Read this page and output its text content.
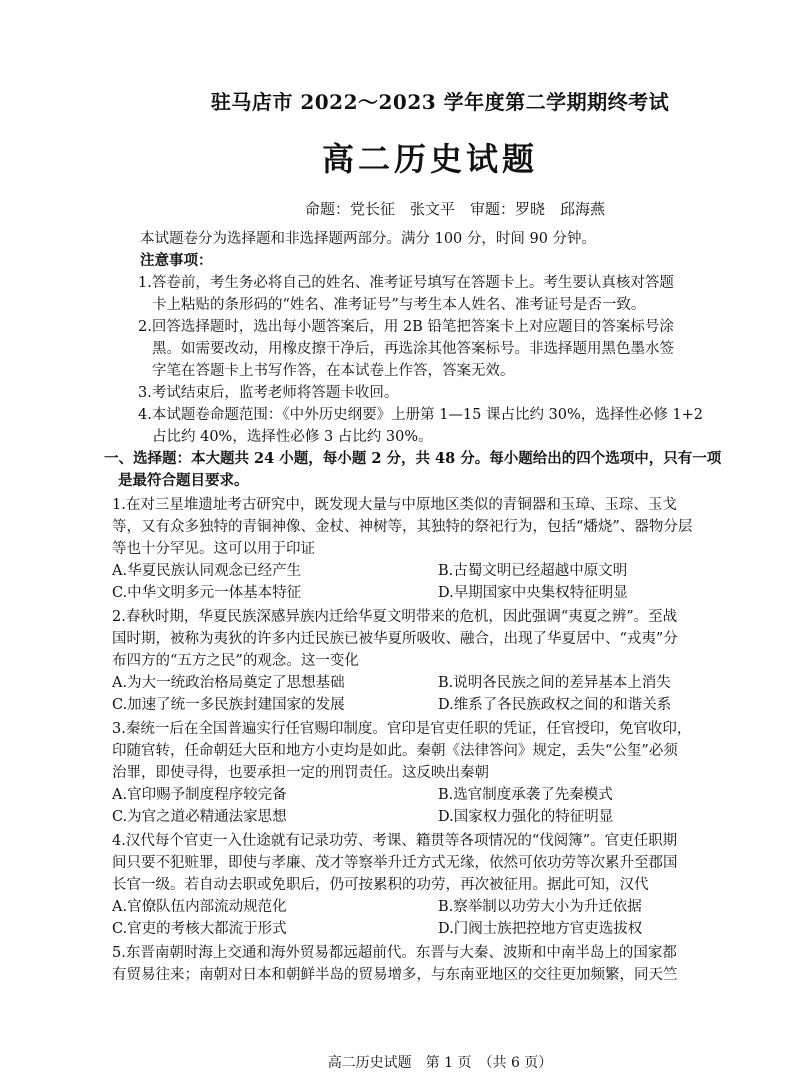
驻马店市 2022～2023 学年度第二学期期终考试
高二历史试题
命题：党长征　张文平　审题：罗晓　邱海燕

本试题卷分为选择题和非选择题两部分。满分 100 分，时间 90 分钟。

注意事项：

1.答卷前，考生务必将自己的姓名、准考证号填写在答题卡上。考生要认真核对答题
卡上粘贴的条形码的“姓名、准考证号”与考生本人姓名、准考证号是否一致。
2.回答选择题时，选出每小题答案后，用 2B 铅笔把答案卡上对应题目的答案标号涂
黑。如需要改动，用橡皮擦干净后，再选涂其他答案标号。非选择题用黑色墨水签
字笔在答题卡上书写作答，在本试卷上作答，答案无效。
3.考试结束后，监考老师将答题卡收回。
4.本试题卷命题范围：《中外历史纲要》上册第 1—15 课占比约 30%，选择性必修 1+2
占比约 40%，选择性必修 3 占比约 30%。
一、选择题：本大题共 24 小题，每小题 2 分，共 48 分。每小题给出的四个选项中，只有一项
是最符合题目要求。
1.在对三星堆遗址考古研究中，既发现大量与中原地区类似的青铜器和玉璋、玉琮、玉戈
等，又有众多独特的青铜神像、金杖、神树等，其独特的祭祀行为，包括“燔烧”、器物分层
等也十分罕见。这可以用于印证
A.华夏民族认同观念已经产生	B.古蜀文明已经超越中原文明
C.中华文明多元一体基本特征	D.早期国家中央集权特征明显
2.春秋时期，华夏民族深感异族内迁给华夏文明带来的危机，因此强调“夷夏之辨”。至战
国时期，被称为夷狄的许多内迁民族已被华夏所吸收、融合，出现了华夏居中、“戎夷”分
布四方的“五方之民”的观念。这一变化
A.为大一统政治格局奠定了思想基础	B.说明各民族之间的差异基本上消失
C.加速了统一多民族封建国家的发展	D.维系了各民族政权之间的和谐关系
3.秦统一后在全国普遍实行任官赐印制度。官印是官吏任职的凭证，任官授印，免官收印，
印随官转，任命朝廷大臣和地方小吏均是如此。秦朝《法律答问》规定，丢失“公玺”必须
治罪，即使寻得，也要承担一定的刑罚责任。这反映出秦朝
A.官印赐予制度程序较完备	B.选官制度承袭了先秦模式
C.为官之道必精通法家思想	D.国家权力强化的特征明显
4.汉代每个官吏一入仕途就有记录功劳、考课、籍贯等各项情况的“伐阅簿”。官吏任职期
间只要不犯赃罪，即使与孝廉、茂才等察举升迁方式无缘，依然可依功劳等次累升至郡国
长官一级。若自动去职或免职后，仍可按累积的功劳，再次被征用。据此可知，汉代
A.官僚队伍内部流动规范化	B.察举制以功劳大小为升迁依据
C.官吏的考核大都流于形式	D.门阀士族把控地方官吏选拔权
5.东晋南朝时海上交通和海外贸易都远超前代。东晋与大秦、波斯和中南半岛上的国家都
有贸易往来；南朝对日本和朝鲜半岛的贸易增多，与东南亚地区的交往更加频繁，同天竺
高二历史试题　第 1 页　（共 6 页）
